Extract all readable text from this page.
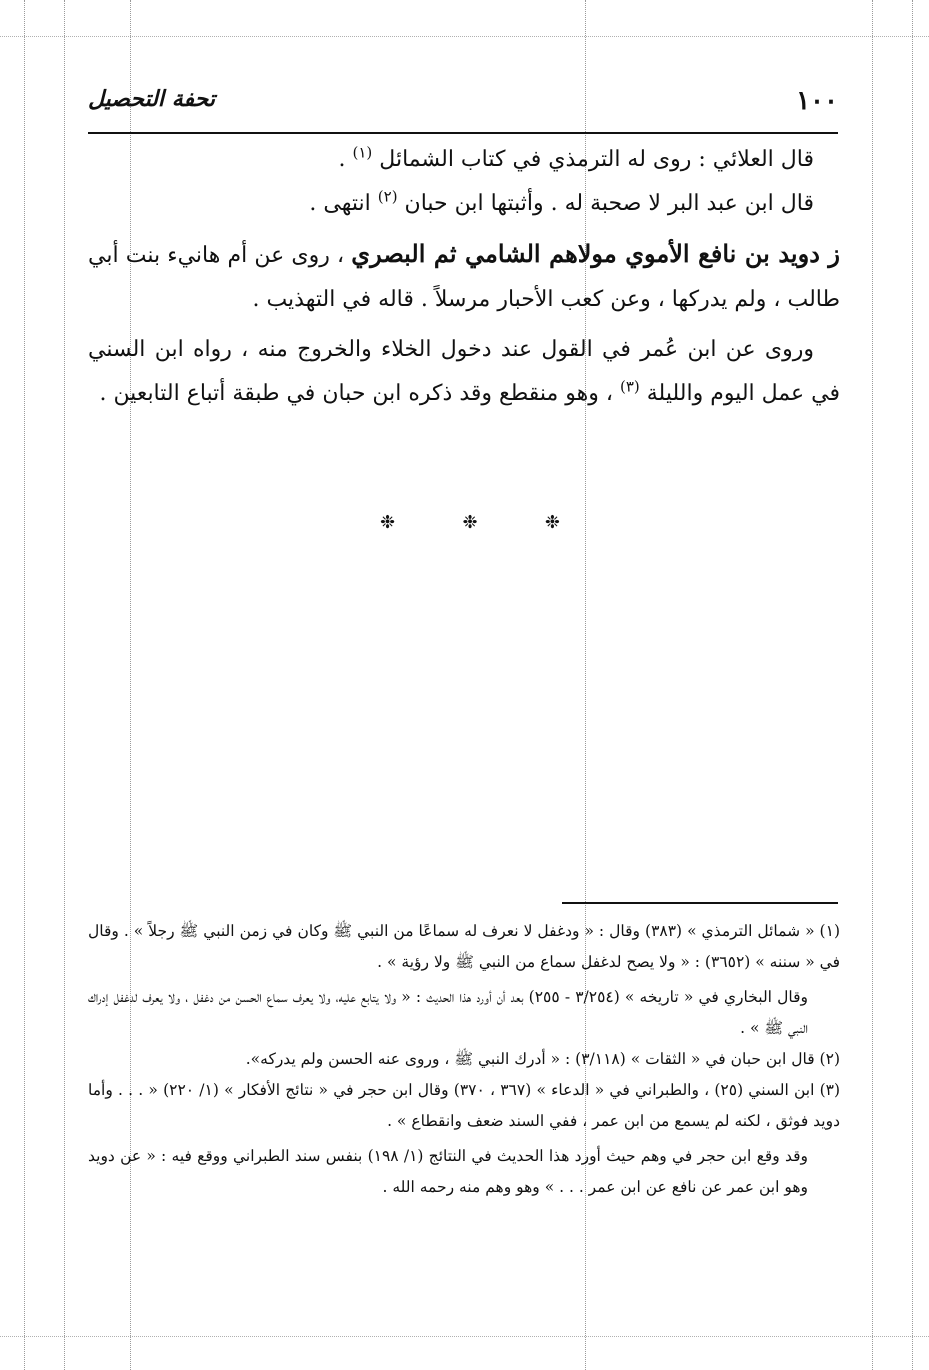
١٠٠
تحفة التحصيل

قال العلائي : روى له الترمذي في كتاب الشمائل $^{(١)}$ .

قال ابن عبد البر لا صحبة له . وأثبتها ابن حبان $^{(٢)}$ انتهى .

ز دويد بن نافع الأموي مولاهم الشامي ثم البصري ، روى عن أم هانيء بنت أبي طالب ، ولم يدركها ، وعن كعب الأحبار مرسلاً . قاله في التهذيب .

وروى عن ابن عُمر في القول عند دخول الخلاء والخروج منه ، رواه ابن السني في عمل اليوم والليلة $^{(٣)}$ ، وهو منقطع وقد ذكره ابن حبان في طبقة أتباع التابعين .

❉
❉
❉

(١) « شمائل الترمذي » (٣٨٣) وقال : « ودغفل لا نعرف له سماعًا من النبي ﷺ وكان في زمن النبي ﷺ رجلاً » . وقال في « سننه » (٣٦٥٢) : « ولا يصح لدغفل سماع من النبي ﷺ ولا رؤية » .

وقال البخاري في « تاريخه » (٣/٢٥٤ - ٢٥٥) بعد أن أورد هذا الحديث : « ولا يتابع عليه، ولا يعرف سماع الحسن من دغفل ، ولا يعرف لدغفل إدراك النبي ﷺ » .

(٢) قال ابن حبان في « الثقات » (٣/١١٨) : « أدرك النبي ﷺ ، وروى عنه الحسن ولم يدركه».

(٣) ابن السني (٢٥) ، والطبراني في « الدعاء » (٣٦٧ ، ٣٧٠) وقال ابن حجر في « نتائج الأفكار » (١/ ٢٢٠) « . . . وأما دويد فوثق ، لكنه لم يسمع من ابن عمر ، ففي السند ضعف وانقطاع » .

وقد وقع ابن حجر في وهم حيث أورد هذا الحديث في النتائج (١/ ١٩٨) بنفس سند الطبراني ووقع فيه : « عن دويد وهو ابن عمر عن نافع عن ابن عمر . . . » وهو وهم منه رحمه الله .
